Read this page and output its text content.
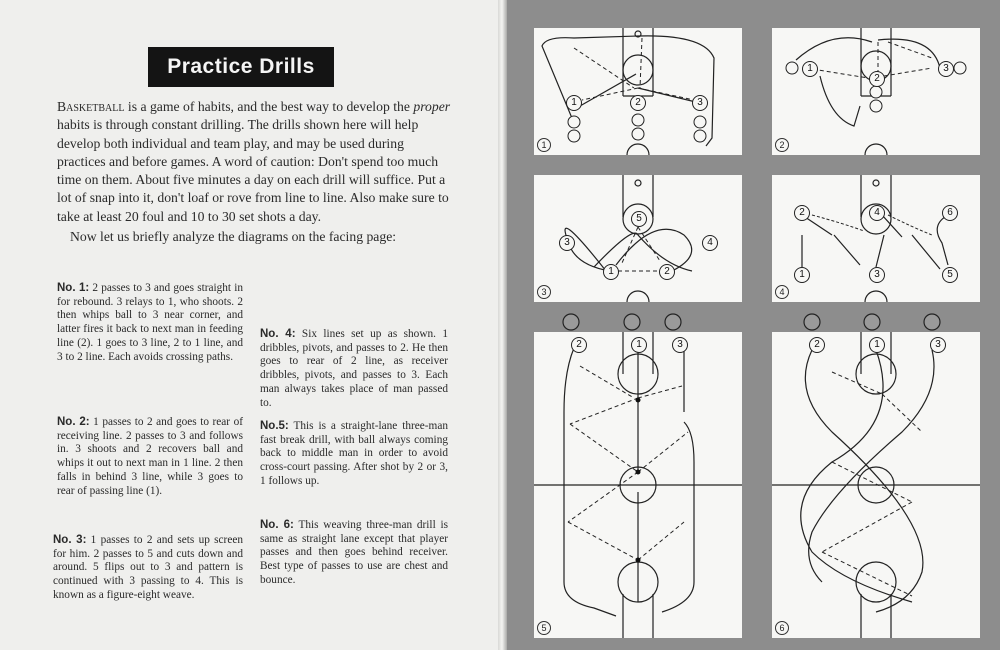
Practice Drills

Basketball is a game of habits, and the best way to develop the proper habits is through constant drilling. The drills shown here will help develop both individual and team play, and may be used during practices and before games. A word of caution: Don't spend too much time on them. About five minutes a day on each drill will suffice. Put a lot of snap into it, don't loaf or rove from line to line. Also make sure to take at least 20 foul and 10 to 30 set shots a day.

Now let us briefly analyze the diagrams on the facing page:

No. 1: 2 passes to 3 and goes straight in for rebound. 3 relays to 1, who shoots. 2 then whips ball to 3 near corner, and latter fires it back to next man in feeding line (2). 1 goes to 3 line, 2 to 1 line, and 3 to 2 line. Each avoids crossing paths.

No. 2: 1 passes to 2 and goes to rear of receiving line. 2 passes to 3 and follows in. 3 shoots and 2 recovers ball and whips it out to next man in 1 line. 2 then falls in behind 3 line, while 3 goes to rear of passing line (1).

No. 3: 1 passes to 2 and sets up screen for him. 2 passes to 5 and cuts down and around. 5 flips out to 3 and pattern is continued with 3 passing to 4. This is known as a figure-eight weave.

No. 4: Six lines set up as shown. 1 dribbles, pivots, and passes to 2. He then goes to rear of 2 line, as receiver dribbles, pivots, and passes to 3. Each man always takes place of man passed to.

No.5: This is a straight-lane three-man fast break drill, with ball always coming back to middle man in order to avoid cross-court passing. After shot by 2 or 3, 1 follows up.

No. 6: This weaving three-man drill is same as straight lane except that player passes and then goes behind receiver. Best type of passes to use are chest and bounce.

1
1	2	3
2
1
2
3
3
5
3	4
1	2
4
2	4	6
1	3	5
5
2	1	3
6
2	1	3
